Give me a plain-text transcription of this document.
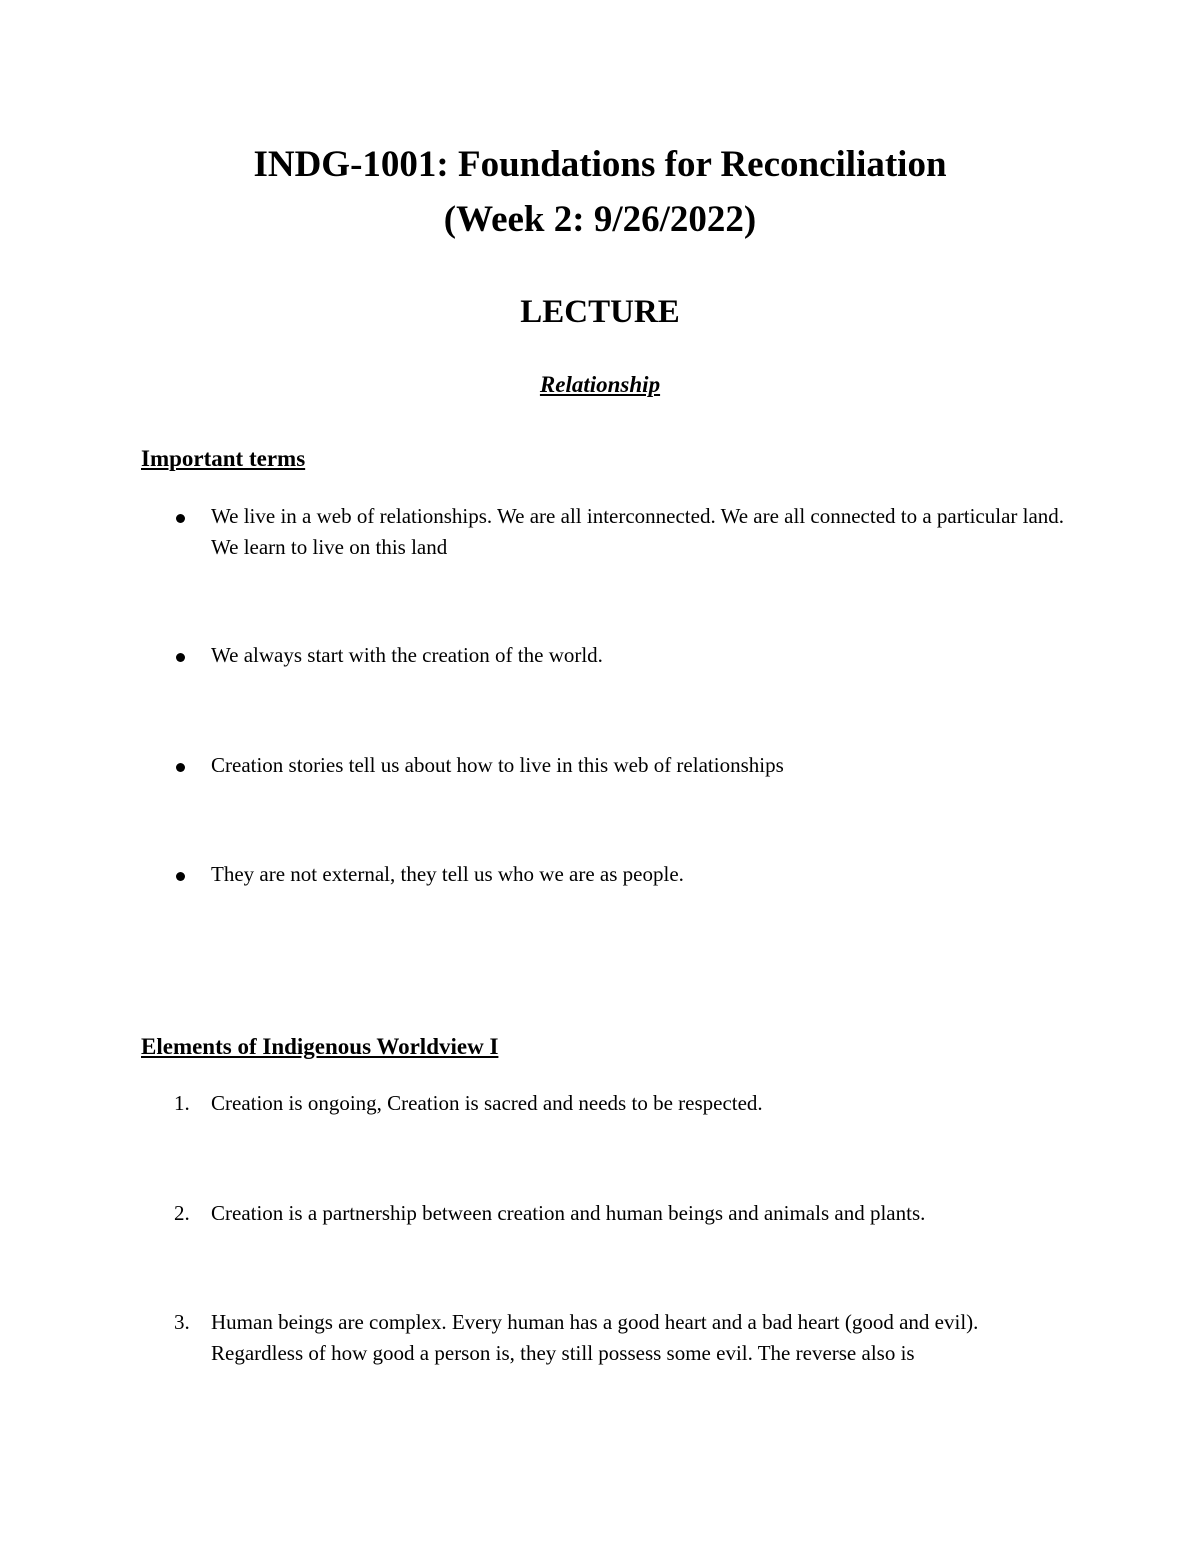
INDG-1001: Foundations for Reconciliation
(Week 2: 9/26/2022)
LECTURE
Relationship
Important terms
We live in a web of relationships. We are all interconnected. We are all connected to a particular land. We learn to live on this land
We always start with the creation of the world.
Creation stories tell us about how to live in this web of relationships
They are not external, they tell us who we are as people.
Elements of Indigenous Worldview I
1. Creation is ongoing, Creation is sacred and needs to be respected.
2. Creation is a partnership between creation and human beings and animals and plants.
3. Human beings are complex. Every human has a good heart and a bad heart (good and evil). Regardless of how good a person is, they still possess some evil. The reverse also is
